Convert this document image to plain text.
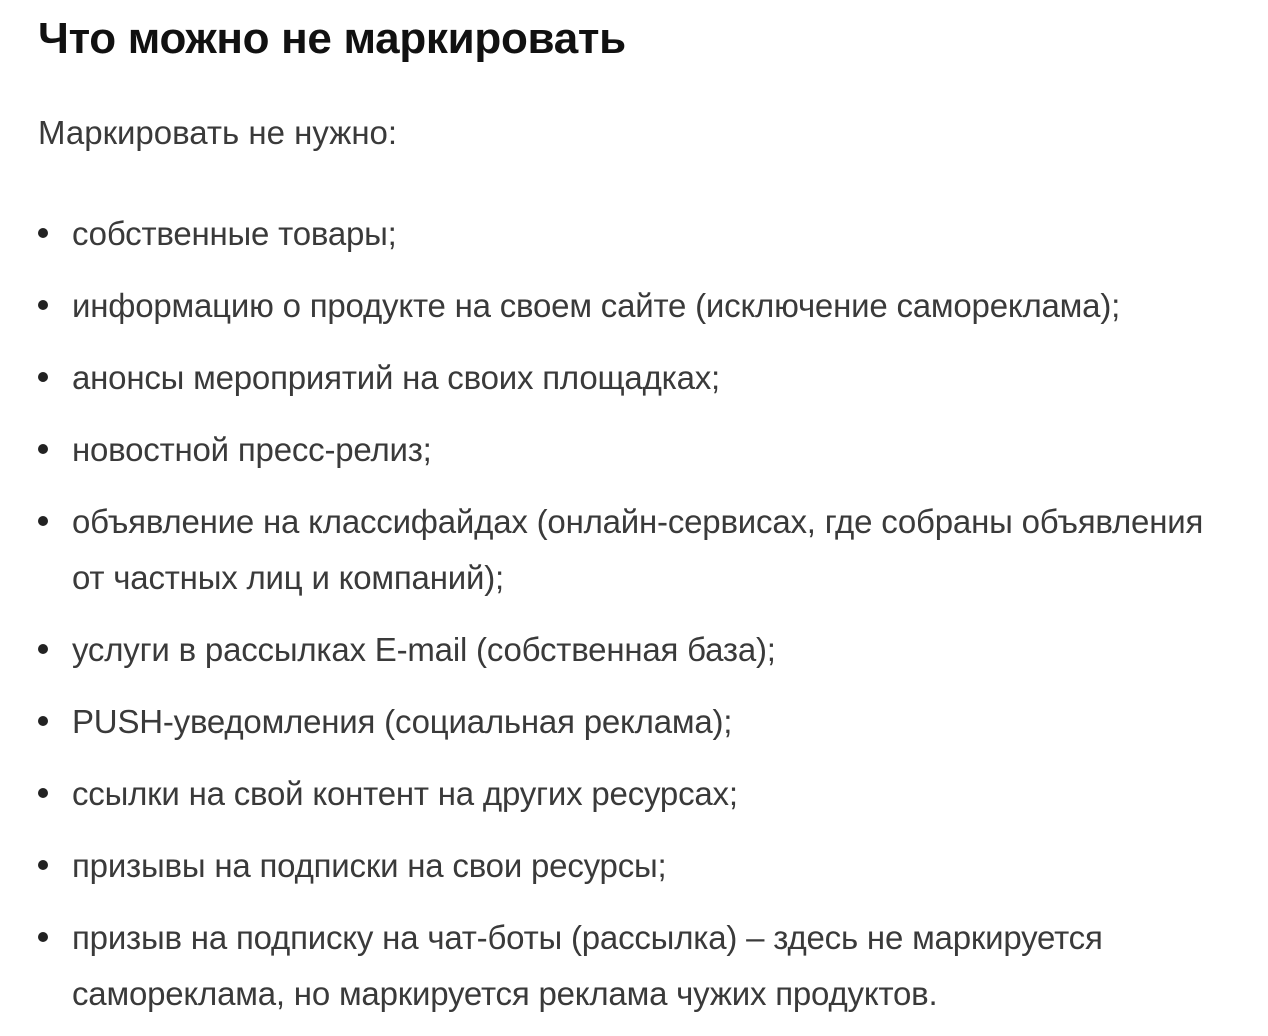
Что можно не маркировать

Маркировать не нужно:

собственные товары;
информацию о продукте на своем сайте (исключение самореклама);
анонсы мероприятий на своих площадках;
новостной пресс-релиз;
объявление на классифайдах (онлайн-сервисах, где собраны объявления от частных лиц и компаний);
услуги в рассылках E-mail (собственная база);
PUSH-уведомления (социальная реклама);
ссылки на свой контент на других ресурсах;
призывы на подписки на свои ресурсы;
призыв на подписку на чат-боты (рассылка) – здесь не маркируется самореклама, но маркируется реклама чужих продуктов.
